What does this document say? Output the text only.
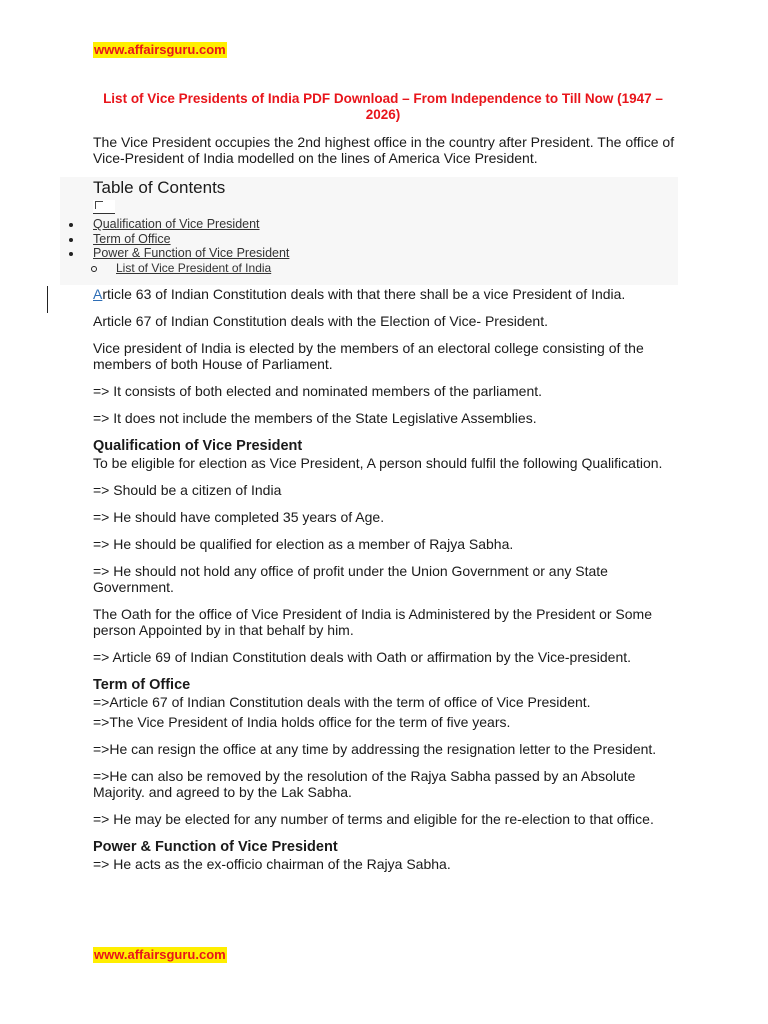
www.affairsguru.com
List of Vice Presidents of India PDF Download – From Independence to Till Now (1947 – 2026)

The Vice President occupies the 2nd highest office in the country after President. The office of Vice-President of India modelled on the lines of America Vice President.

Table of Contents
Qualification of Vice President
Term of Office
Power & Function of Vice President
List of Vice President of India

Article 63 of Indian Constitution deals with that there shall be a vice President of India.

Article 67 of Indian Constitution deals with the Election of Vice- President.

Vice president of India is elected by the members of an electoral college consisting of the members of both House of Parliament.

=> It consists of both elected and nominated members of the parliament.

=> It does not include the members of the State Legislative Assemblies.

Qualification of Vice President

To be eligible for election as Vice President, A person should fulfil the following Qualification.

=> Should be a citizen of India

=> He should have completed 35 years of Age.

=> He should be qualified for election as a member of Rajya Sabha.

=> He should not hold any office of profit under the Union Government or any State Government.

The Oath for the office of Vice President of India is Administered by the President or Some person Appointed by in that behalf by him.

=> Article 69 of Indian Constitution deals with Oath or affirmation by the Vice-president.

Term of Office

=>Article 67 of Indian Constitution deals with the term of office of Vice President.

=>The Vice President of India holds office for the term of five years.

=>He can resign the office at any time by addressing the resignation letter to the President.

=>He can also be removed by the resolution of the Rajya Sabha passed by an Absolute Majority. and agreed to by the Lak Sabha.

=> He may be elected for any number of terms and eligible for the re-election to that office.

Power & Function of Vice President

=> He acts as the ex-officio chairman of the Rajya Sabha.

www.affairsguru.com
